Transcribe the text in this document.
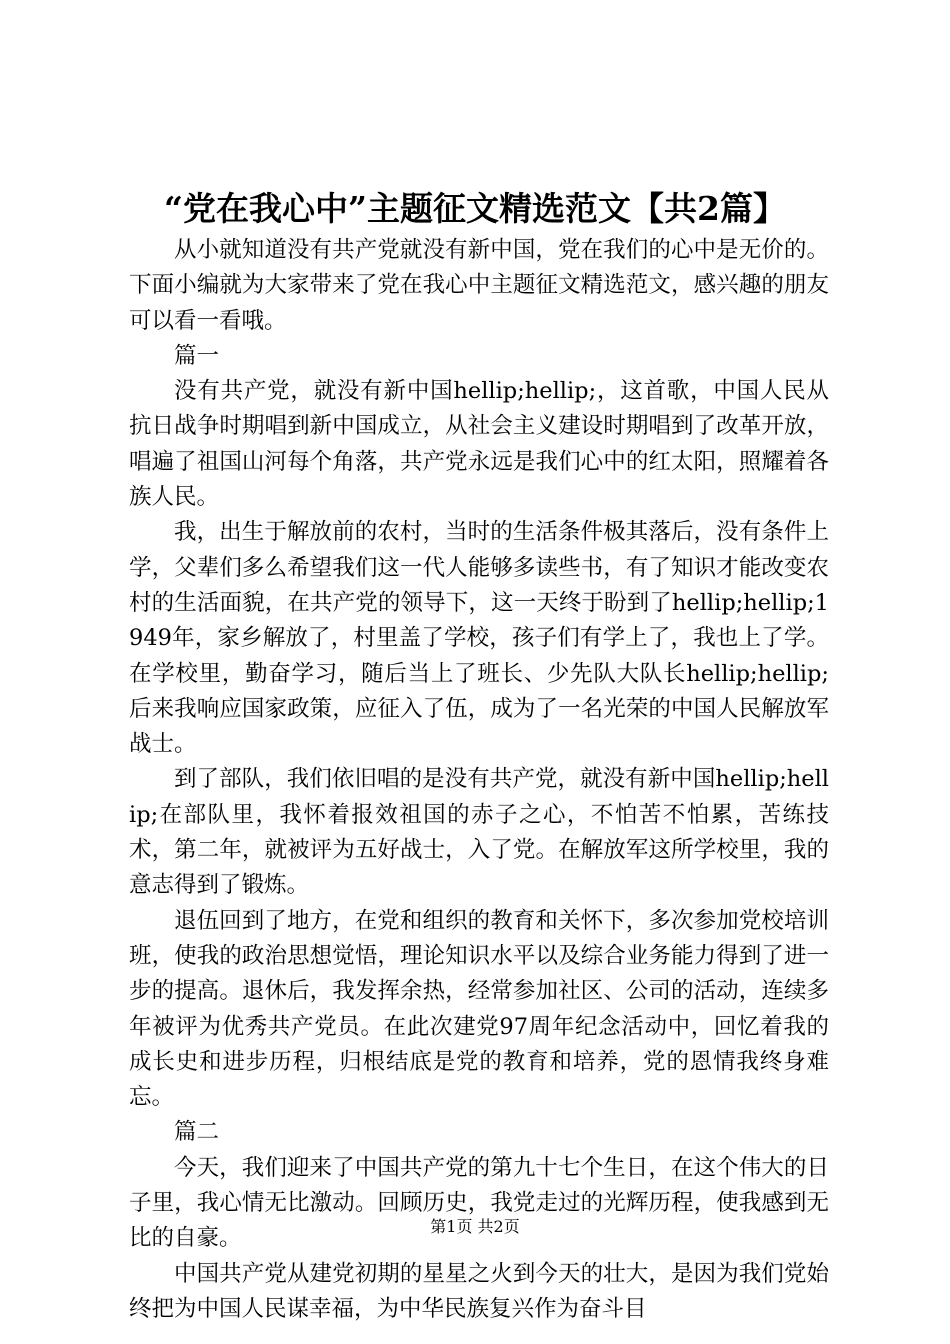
“党在我心中”主题征文精选范文【共2篇】

从小就知道没有共产党就没有新中国，党在我们的心中是无价的。下面小编就为大家带来了党在我心中主题征文精选范文，感兴趣的朋友可以看一看哦。

篇一

没有共产党，就没有新中国hellip;hellip;，这首歌，中国人民从抗日战争时期唱到新中国成立，从社会主义建设时期唱到了改革开放，唱遍了祖国山河每个角落，共产党永远是我们心中的红太阳，照耀着各族人民。

我，出生于解放前的农村，当时的生活条件极其落后，没有条件上学，父辈们多么希望我们这一代人能够多读些书，有了知识才能改变农村的生活面貌，在共产党的领导下，这一天终于盼到了hellip;hellip;1949年，家乡解放了，村里盖了学校，孩子们有学上了，我也上了学。在学校里，勤奋学习，随后当上了班长、少先队大队长hellip;hellip;后来我响应国家政策，应征入了伍，成为了一名光荣的中国人民解放军战士。

到了部队，我们依旧唱的是没有共产党，就没有新中国hellip;hellip;在部队里，我怀着报效祖国的赤子之心，不怕苦不怕累，苦练技术，第二年，就被评为五好战士，入了党。在解放军这所学校里，我的意志得到了锻炼。

退伍回到了地方，在党和组织的教育和关怀下，多次参加党校培训班，使我的政治思想觉悟，理论知识水平以及综合业务能力得到了进一步的提高。退休后，我发挥余热，经常参加社区、公司的活动，连续多年被评为优秀共产党员。在此次建党97周年纪念活动中，回忆着我的成长史和进步历程，归根结底是党的教育和培养，党的恩情我终身难忘。

篇二

今天，我们迎来了中国共产党的第九十七个生日，在这个伟大的日子里，我心情无比激动。回顾历史，我党走过的光辉历程，使我感到无比的自豪。

中国共产党从建党初期的星星之火到今天的壮大，是因为我们党始终把为中国人民谋幸福，为中华民族复兴作为奋斗目

第1页 共2页
